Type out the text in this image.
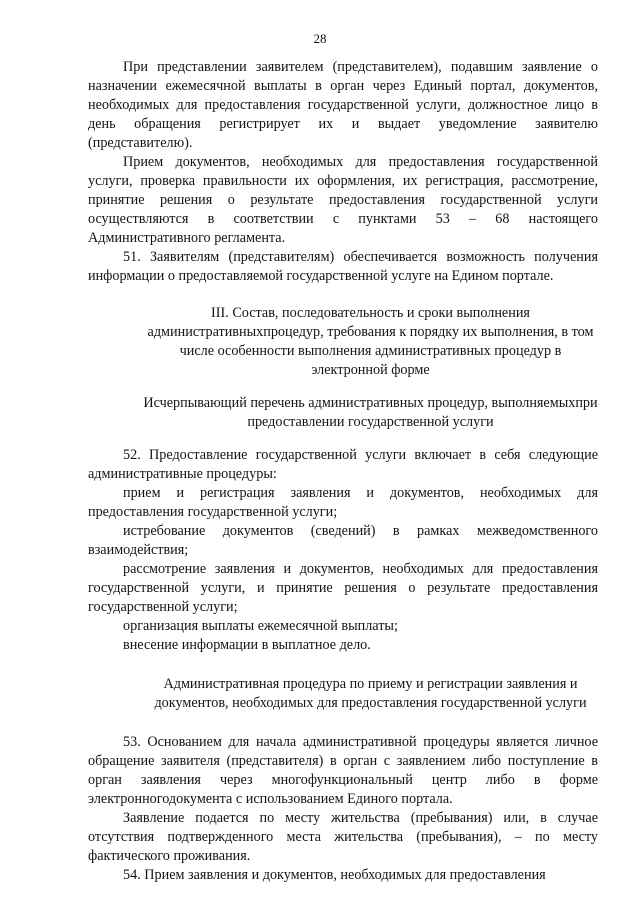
28

При представлении заявителем (представителем), подавшим заявление о назначении ежемесячной выплаты в орган через Единый портал, документов, необходимых для предоставления государственной услуги, должностное лицо в день обращения регистрирует их и выдает уведомление заявителю (представителю).

Прием документов, необходимых для предоставления государственной услуги, проверка правильности их оформления, их регистрация, рассмотрение, принятие решения о результате предоставления государственной услуги осуществляются в соответствии с пунктами 53 – 68 настоящего Административного регламента.

51. Заявителям (представителям) обеспечивается возможность получения информации о предоставляемой государственной услуге на Едином портале.

III. Состав, последовательность и сроки выполнения административныхпроцедур, требования к порядку их выполнения, в том числе особенности выполнения административных процедур в электронной форме

Исчерпывающий перечень административных процедур, выполняемыхпри предоставлении государственной услуги

52. Предоставление государственной услуги включает в себя следующие административные процедуры:

прием и регистрация заявления и документов, необходимых для предоставления государственной услуги;

истребование документов (сведений) в рамках межведомственного взаимодействия;

рассмотрение заявления и документов, необходимых для предоставления государственной услуги, и принятие решения о результате предоставления государственной услуги;

организация выплаты ежемесячной выплаты;

внесение информации в выплатное дело.

Административная процедура по приему и регистрации заявления и документов, необходимых для предоставления государственной услуги

53. Основанием для начала административной процедуры является личное обращение заявителя (представителя) в орган с заявлением либо поступление в орган заявления через многофункциональный центр либо в форме электронногодокумента с использованием Единого портала.

Заявление подается по месту жительства (пребывания) или, в случае отсутствия подтвержденного места жительства (пребывания), – по месту фактического проживания.

54. Прием заявления и документов, необходимых для предоставления
